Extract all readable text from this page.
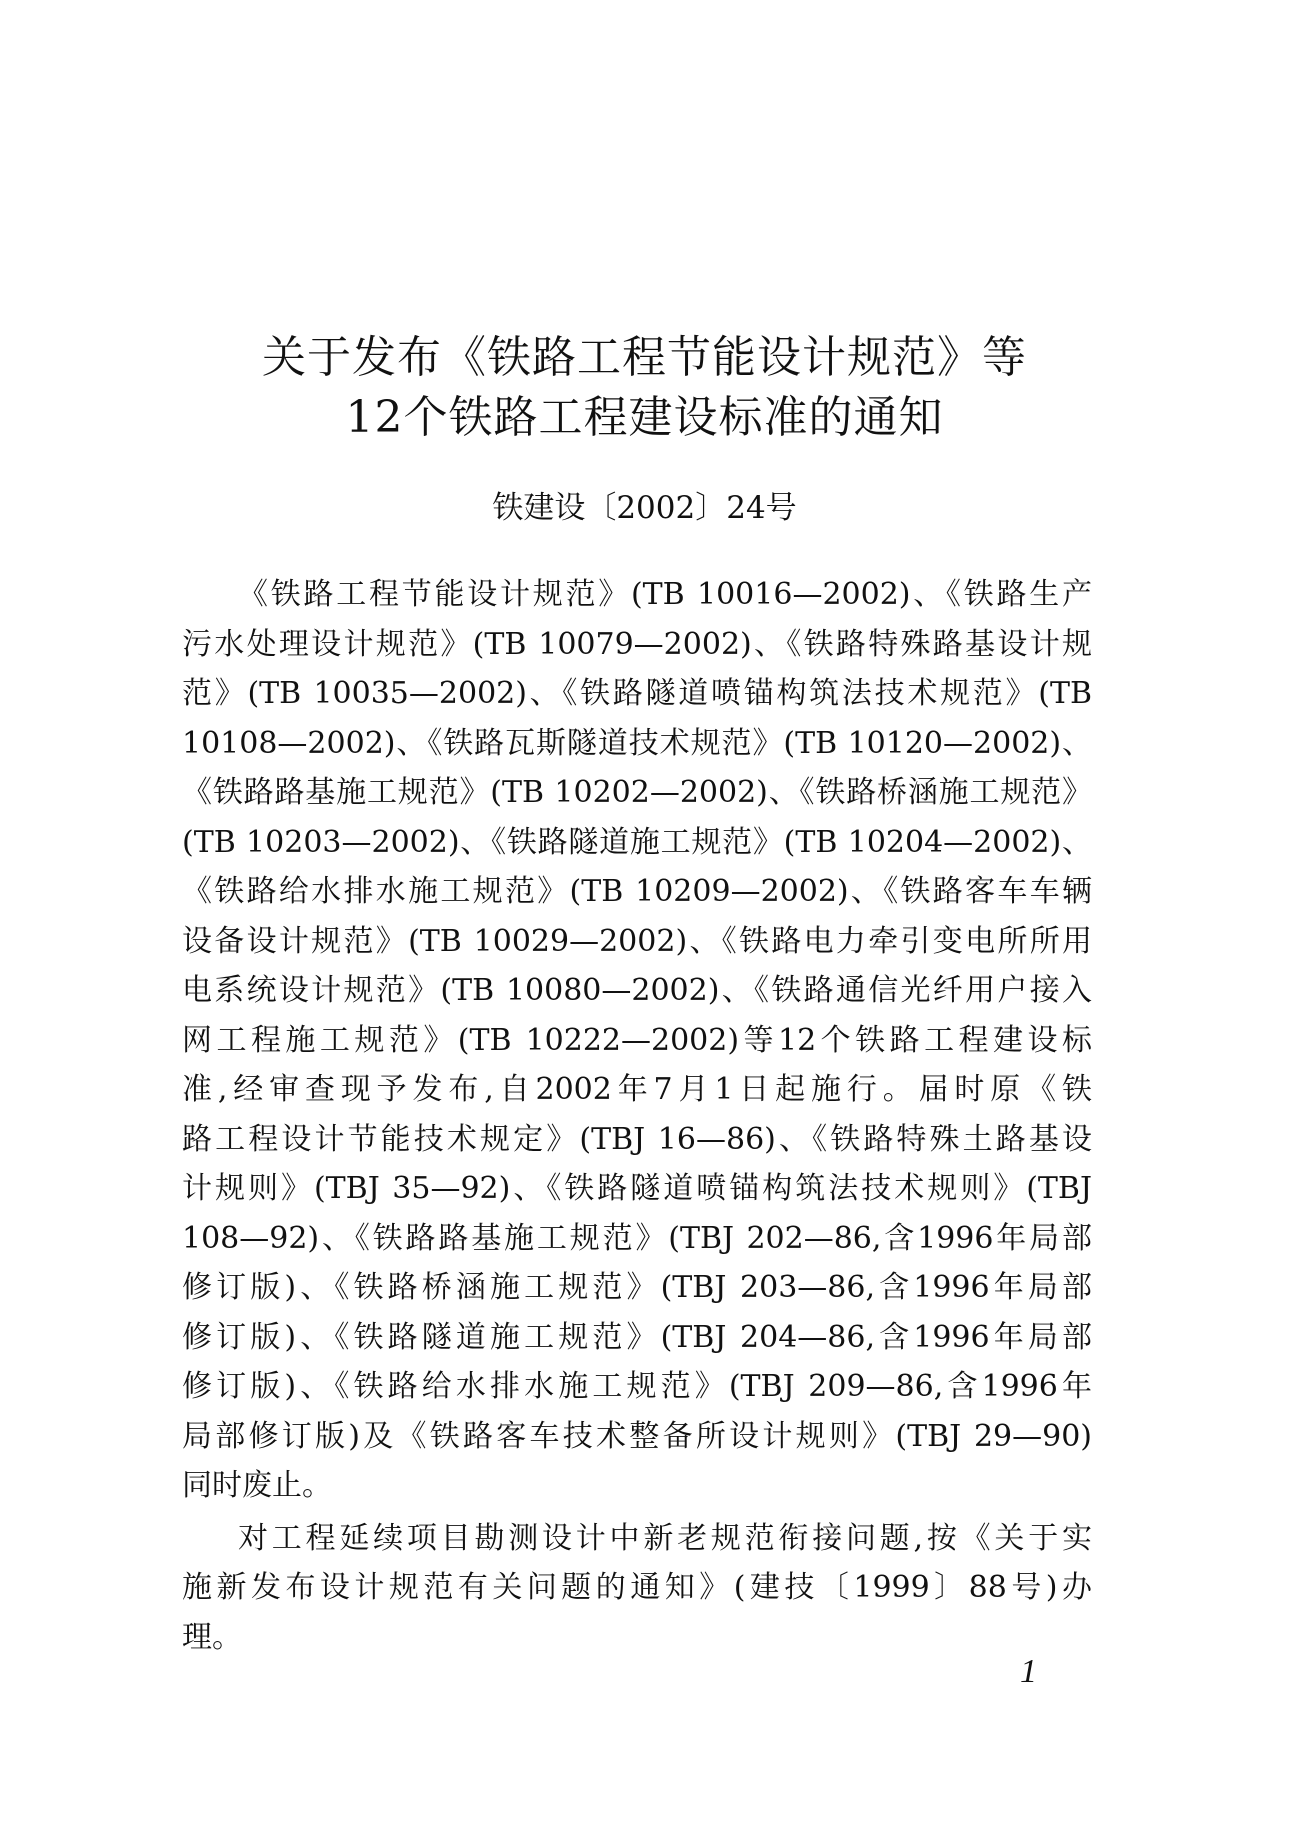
关于发布《铁路工程节能设计规范》等
12个铁路工程建设标准的通知
铁建设〔2002〕24号
《铁路工程节能设计规范》(TB 10016—2002)、《铁路生产
污水处理设计规范》(TB 10079—2002)、《铁路特殊路基设计规
范》(TB 10035—2002)、《铁路隧道喷锚构筑法技术规范》(TB
10108—2002)、《铁路瓦斯隧道技术规范》(TB 10120—2002)、
《铁路路基施工规范》(TB 10202—2002)、《铁路桥涵施工规范》
(TB 10203—2002)、《铁路隧道施工规范》(TB 10204—2002)、
《铁路给水排水施工规范》(TB 10209—2002)、《铁路客车车辆
设备设计规范》(TB 10029—2002)、《铁路电力牵引变电所所用
电系统设计规范》(TB 10080—2002)、《铁路通信光纤用户接入
网工程施工规范》(TB 10222—2002)等12个铁路工程建设标
准,经审查现予发布,自2002年7月1日起施行。届时原《铁
路工程设计节能技术规定》(TBJ 16—86)、《铁路特殊土路基设
计规则》(TBJ 35—92)、《铁路隧道喷锚构筑法技术规则》(TBJ
108—92)、《铁路路基施工规范》(TBJ 202—86,含1996年局部
修订版)、《铁路桥涵施工规范》(TBJ 203—86,含1996年局部
修订版)、《铁路隧道施工规范》(TBJ 204—86,含1996年局部
修订版)、《铁路给水排水施工规范》(TBJ 209—86,含1996年
局部修订版)及《铁路客车技术整备所设计规则》(TBJ 29—90)
同时废止。
对工程延续项目勘测设计中新老规范衔接问题,按《关于实
施新发布设计规范有关问题的通知》(建技〔1999〕88号)办
理。
1
